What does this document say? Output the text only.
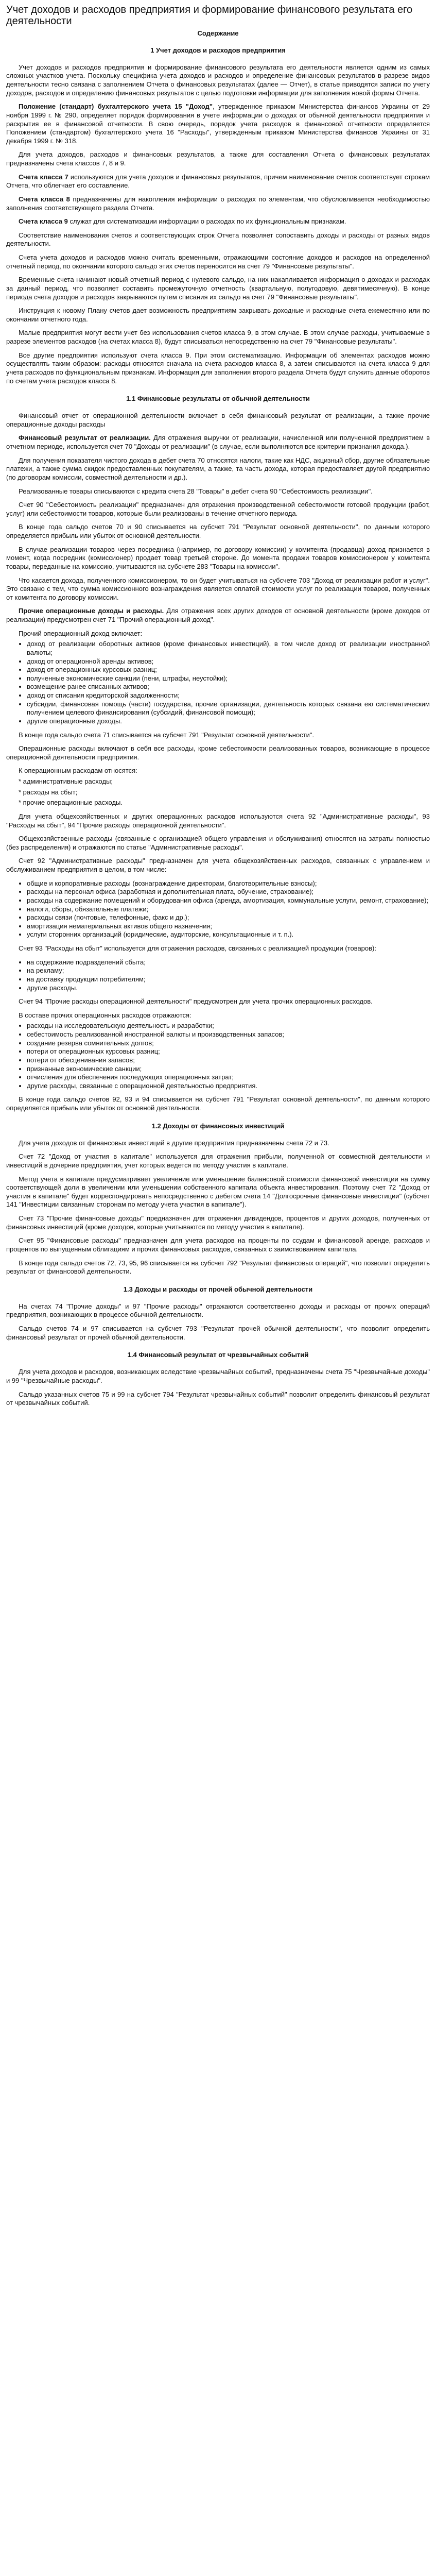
Учет доходов и расходов предприятия и формирование финансового результата его деятельности
Содержание
1 Учет доходов и расходов предприятия
Учет доходов и расходов предприятия и формирование финансового результата его деятельности является одним из самых сложных участков учета. Поскольку специфика учета доходов и расходов и определение финансовых результатов в разрезе видов деятельности тесно связана с заполнением Отчета о финансовых результатах (далее — Отчет), в статье приводятся записи по учету доходов, расходов и определению финансовых результатов с целью подготовки информации для заполнения новой формы Отчета.
Положение (стандарт) бухгалтерского учета 15 "Доход", утвержденное приказом Министерства финансов Украины от 29 ноября 1999 г. № 290, определяет порядок формирования в учете информации о доходах от обычной деятельности предприятия и раскрытия ее в финансовой отчетности. В свою очередь, порядок учета расходов в финансовой отчетности определяется Положением (стандартом) бухгалтерского учета 16 "Расходы", утвержденным приказом Министерства финансов Украины от 31 декабря 1999 г. № 318.
Для учета доходов, расходов и финансовых результатов, а также для составления Отчета о финансовых результатах предназначены счета классов 7, 8 и 9.
Счета класса 7 используются для учета доходов и финансовых результатов, причем наименование счетов соответствует строкам Отчета, что облегчает его составление.
Счета класса 8 предназначены для накопления информации о расходах по элементам, что обусловливается необходимостью заполнения соответствующего раздела Отчета.
Счета класса 9 служат для систематизации информации о расходах по их функциональным признакам.
Соответствие наименования счетов и соответствующих строк Отчета позволяет сопоставить доходы и расходы от разных видов деятельности.
Счета учета доходов и расходов можно считать временными, отражающими состояние доходов и расходов на определенной отчетный период, по окончании которого сальдо этих счетов переносится на счет 79 "Финансовые результаты".
Временные счета начинают новый отчетный период с нулевого сальдо, на них накапливается информация о доходах и расходах за данный период, что позволяет составить промежуточную отчетность (квартальную, полугодовую, девятимесячную). В конце периода счета доходов и расходов закрываются путем списания их сальдо на счет 79 "Финансовые результаты".
Инструкция к новому Плану счетов дает возможность предприятиям закрывать доходные и расходные счета ежемесячно или по окончании отчетного года.
Малые предприятия могут вести учет без использования счетов класса 9, в этом случае. В этом случае расходы, учитываемые в разрезе элементов расходов (на счетах класса 8), будут списываться непосредственно на счет 79 "Финансовые результаты".
Все другие предприятия используют счета класса 9. При этом систематизацию. Информации об элементах расходов можно осуществлять таким образом: расходы относятся сначала на счета расходов класса 8, а затем списываются на счета класса 9 для учета расходов по функциональным признакам. Информация для заполнения второго раздела Отчета будут служить данные оборотов по счетам учета расходов класса 8.
1.1 Финансовые результаты от обычной деятельности
Финансовый отчет от операционной деятельности включает в себя финансовый результат от реализации, а также прочие операционные доходы расходы
Финансовый результат от реализации. Для отражения выручки от реализации, начисленной или полученной предприятием в отчетном периоде, используется счет 70 "Доходы от реализации" (в случае, если выполняются все критерии признания дохода.).
Для получения показателя чистого дохода в дебет счета 70 относятся налоги, такие как НДС, акцизный сбор, другие обязательные платежи, а также сумма скидок предоставленных покупателям, а также, та часть дохода, которая предоставляет другой предприятию (по договорам комиссии, совместной деятельности и др.).
Реализованные товары списываются с кредита счета 28 "Товары" в дебет счета 90 "Себестоимость реализации".
Счет 90 "Себестоимость реализации" предназначен для отражения производственной себестоимости готовой продукции (работ, услуг) или себестоимости товаров, которые были реализованы в течение отчетного периода.
В конце года сальдо счетов 70 и 90 списывается на субсчет 791 "Результат основной деятельности", по данным которого определяется прибыль или убыток от основной деятельности.
В случае реализации товаров через посредника (например, по договору комиссии) у комитента (продавца) доход признается в момент, когда посредник (комиссионер) продает товар третьей стороне. До момента продажи товаров комиссионером у комитента товары, переданные на комиссию, учитываются на субсчете 283 "Товары на комиссии".
Что касается дохода, полученного комиссионером, то он будет учитываться на субсчете 703 "Доход от реализации работ и услуг". Это связано с тем, что сумма комиссионного вознаграждения является оплатой стоимости услуг по реализации товаров, полученных от комитента по договору комиссии.
Прочие операционные доходы и расходы. Для отражения всех других доходов от основной деятельности (кроме доходов от реализации) предусмотрен счет 71 "Прочий операционный доход".
Прочий операционный доход включает:
• доход от реализации оборотных активов (кроме финансовых инвестиций), в том числе доход от реализации иностранной валюты;
• доход от операционной аренды активов;
• доход от операционных курсовых разниц;
• полученные экономические санкции (пени, штрафы, неустойки);
• возмещение ранее списанных активов;
• доход от списания кредиторской задолженности;
• субсидии, финансовая помощь (части) государства, прочие организации, деятельность которых связана ею систематическим получением целевого финансирования (субсидий, финансовой помощи);
• другие операционные доходы.
В конце года сальдо счета 71 списывается на субсчет 791 "Результат основной деятельности".
Операционные расходы включают в себя все расходы, кроме себестоимости реализованных товаров, возникающие в процессе операционной деятельности предприятия.
К операционным расходам относятся:
* административные расходы;
* расходы на сбыт;
* прочие операционные расходы.
Для учета общехозяйственных и других операционных расходов используются счета 92 "Административные расходы", 93 "Расходы на сбыт", 94 "Прочие расходы операционной деятельности".
Общехозяйственные расходы (связанные с организацией общего управления и обслуживания) относятся на затраты полностью (без распределения) и отражаются по статье "Административные расходы".
Счет 92 "Административные расходы" предназначен для учета общехозяйственных расходов, связанных с управлением и обслуживанием предприятия в целом, в том числе:
• общие и корпоративные расходы (вознаграждение директорам, благотворительные взносы);
• расходы на персонал офиса (заработная и дополнительная плата, обучение, страхование);
• расходы на содержание помещений и оборудования офиса (аренда, амортизация, коммунальные услуги, ремонт, страхование);
• налоги, сборы, обязательные платежи;
• расходы связи (почтовые, телефонные, факс и др.);
• амортизация нематериальных активов общего назначения;
• услуги сторонних организаций (юридические, аудиторские, консультационные и т. п.).
Счет 93 "Расходы на сбыт" используется для отражения расходов, связанных с реализацией продукции (товаров):
• на содержание подразделений сбыта;
• на рекламу;
• на доставку продукции потребителям;
• другие расходы.
Счет 94 "Прочие расходы операционной деятельности" предусмотрен для учета прочих операционных расходов.
В составе прочих операционных расходов отражаются:
• расходы на исследовательскую деятельность и разработки;
• себестоимость реализованной иностранной валюты и производственных запасов;
• создание резерва сомнительных долгов;
• потери от операционных курсовых разниц;
• потери от обесценивания запасов;
• признанные экономические санкции;
• отчисления для обеспечения последующих операционных затрат;
• другие расходы, связанные с операционной деятельностью предприятия.
В конце года сальдо счетов 92, 93 и 94 списывается на субсчет 791 "Результат основной деятельности", по данным которого определяется прибыль или убыток от основной деятельности.
1.2 Доходы от финансовых инвестиций
Для учета доходов от финансовых инвестиций в другие предприятия предназначены счета 72 и 73.
Счет 72 "Доход от участия в капитале" используется для отражения прибыли, полученной от совместной деятельности и инвестиций в дочерние предприятия, учет которых ведется по методу участия в капитале.
Метод учета в капитале предусматривает увеличение или уменьшение балансовой стоимости финансовой инвестиции на сумму соответствующей доли в увеличении или уменьшении собственного капитала объекта инвестирования. Поэтому счет 72 "Доход от участия в капитале" будет корреспондировать непосредственно с дебетом счета 14 "Долгосрочные финансовые инвестиции" (субсчет 141 "Инвестиции связанным сторонам по методу учета участия в капитале").
Счет 73 "Прочие финансовые доходы" предназначен для отражения дивидендов, процентов и других доходов, полученных от финансовых инвестиций (кроме доходов, которые учитываются по методу участия в капитале).
Счет 95 "Финансовые расходы" предназначен для учета расходов на проценты по ссудам и финансовой аренде, расходов и процентов по выпущенным облигациям и прочих финансовых расходов, связанных с заимствованием капитала.
В конце года сальдо счетов 72, 73, 95, 96 списывается на субсчет 792 "Результат финансовых операций", что позволит определить результат от финансовой деятельности.
1.3 Доходы и расходы от прочей обычной деятельности
На счетах 74 "Прочие доходы" и 97 "Прочие расходы" отражаются соответственно доходы и расходы от прочих операций предприятия, возникающих в процессе обычной деятельности.
Сальдо счетов 74 и 97 списывается на субсчет 793 "Результат прочей обычной деятельности", что позволит определить финансовый результат от прочей обычной деятельности.
1.4 Финансовый результат от чрезвычайных событий
Для учета доходов и расходов, возникающих вследствие чрезвычайных событий, предназначены счета 75 "Чрезвычайные доходы" и 99 "Чрезвычайные расходы".
Сальдо указанных счетов 75 и 99 на субсчет 794 "Результат чрезвычайных событий" позволит определить финансовый результат от чрезвычайных событий.
